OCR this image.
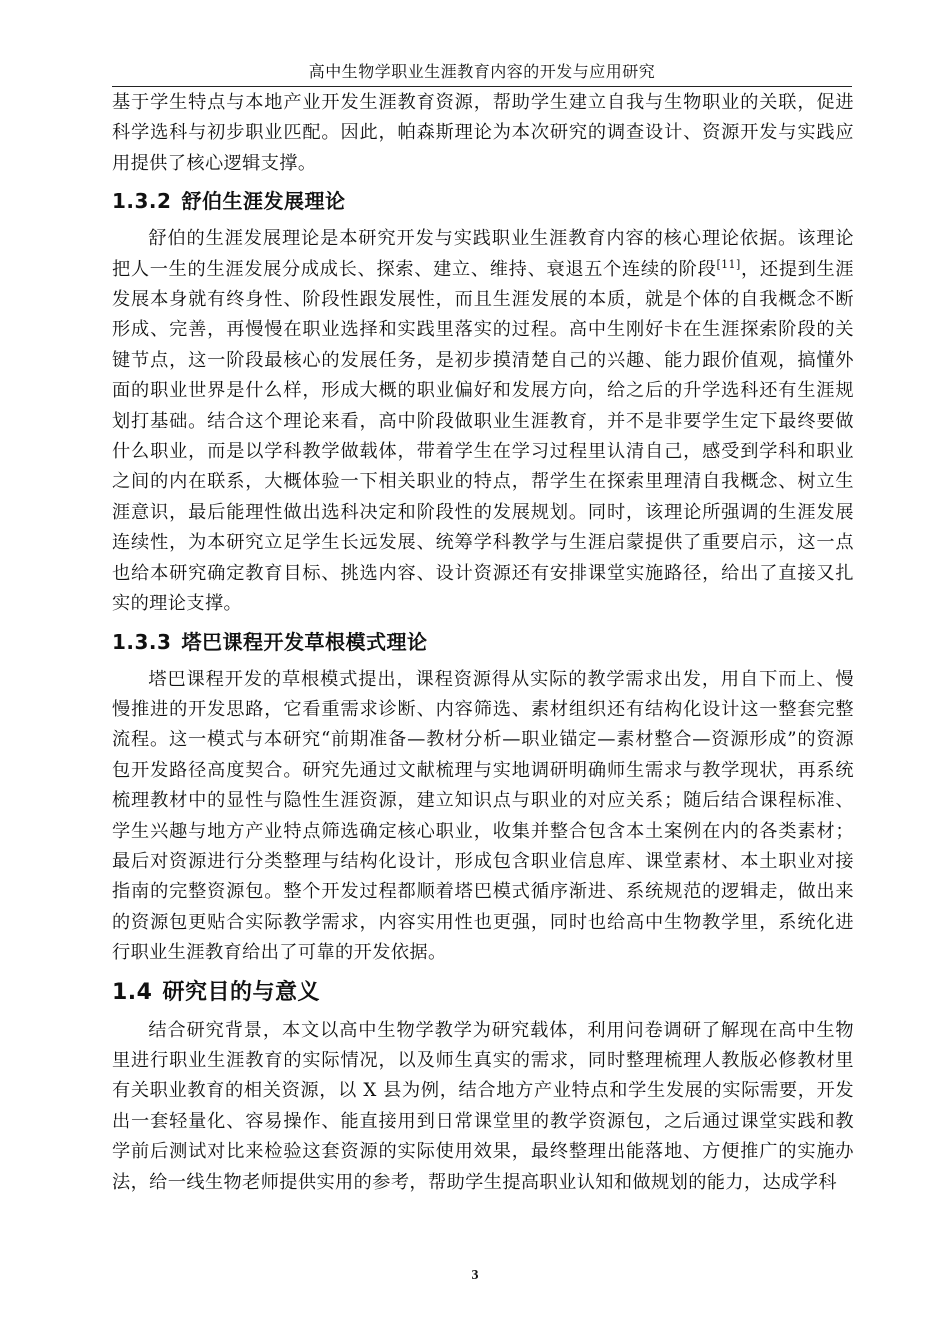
高中生物学职业生涯教育内容的开发与应用研究

基于学生特点与本地产业开发生涯教育资源，帮助学生建立自我与生物职业的关联，促进科学选科与初步职业匹配。因此，帕森斯理论为本次研究的调查设计、资源开发与实践应用提供了核心逻辑支撑。

1.3.2 舒伯生涯发展理论

舒伯的生涯发展理论是本研究开发与实践职业生涯教育内容的核心理论依据。该理论把人一生的生涯发展分成成长、探索、建立、维持、衰退五个连续的阶段[11]，还提到生涯发展本身就有终身性、阶段性跟发展性，而且生涯发展的本质，就是个体的自我概念不断形成、完善，再慢慢在职业选择和实践里落实的过程。高中生刚好卡在生涯探索阶段的关键节点，这一阶段最核心的发展任务，是初步摸清楚自己的兴趣、能力跟价值观，搞懂外面的职业世界是什么样，形成大概的职业偏好和发展方向，给之后的升学选科还有生涯规划打基础。结合这个理论来看，高中阶段做职业生涯教育，并不是非要学生定下最终要做什么职业，而是以学科教学做载体，带着学生在学习过程里认清自己，感受到学科和职业之间的内在联系，大概体验一下相关职业的特点，帮学生在探索里理清自我概念、树立生涯意识，最后能理性做出选科决定和阶段性的发展规划。同时，该理论所强调的生涯发展连续性，为本研究立足学生长远发展、统筹学科教学与生涯启蒙提供了重要启示，这一点也给本研究确定教育目标、挑选内容、设计资源还有安排课堂实施路径，给出了直接又扎实的理论支撑。

1.3.3 塔巴课程开发草根模式理论

塔巴课程开发的草根模式提出，课程资源得从实际的教学需求出发，用自下而上、慢慢推进的开发思路，它看重需求诊断、内容筛选、素材组织还有结构化设计这一整套完整流程。这一模式与本研究“前期准备—教材分析—职业锚定—素材整合—资源形成”的资源包开发路径高度契合。研究先通过文献梳理与实地调研明确师生需求与教学现状，再系统梳理教材中的显性与隐性生涯资源，建立知识点与职业的对应关系；随后结合课程标准、学生兴趣与地方产业特点筛选确定核心职业，收集并整合包含本土案例在内的各类素材；最后对资源进行分类整理与结构化设计，形成包含职业信息库、课堂素材、本土职业对接指南的完整资源包。整个开发过程都顺着塔巴模式循序渐进、系统规范的逻辑走，做出来的资源包更贴合实际教学需求，内容实用性也更强，同时也给高中生物教学里，系统化进行职业生涯教育给出了可靠的开发依据。

1.4 研究目的与意义

结合研究背景，本文以高中生物学教学为研究载体，利用问卷调研了解现在高中生物里进行职业生涯教育的实际情况，以及师生真实的需求，同时整理梳理人教版必修教材里有关职业教育的相关资源，以 X 县为例，结合地方产业特点和学生发展的实际需要，开发出一套轻量化、容易操作、能直接用到日常课堂里的教学资源包，之后通过课堂实践和教学前后测试对比来检验这套资源的实际使用效果，最终整理出能落地、方便推广的实施办法，给一线生物老师提供实用的参考，帮助学生提高职业认知和做规划的能力，达成学科

3
